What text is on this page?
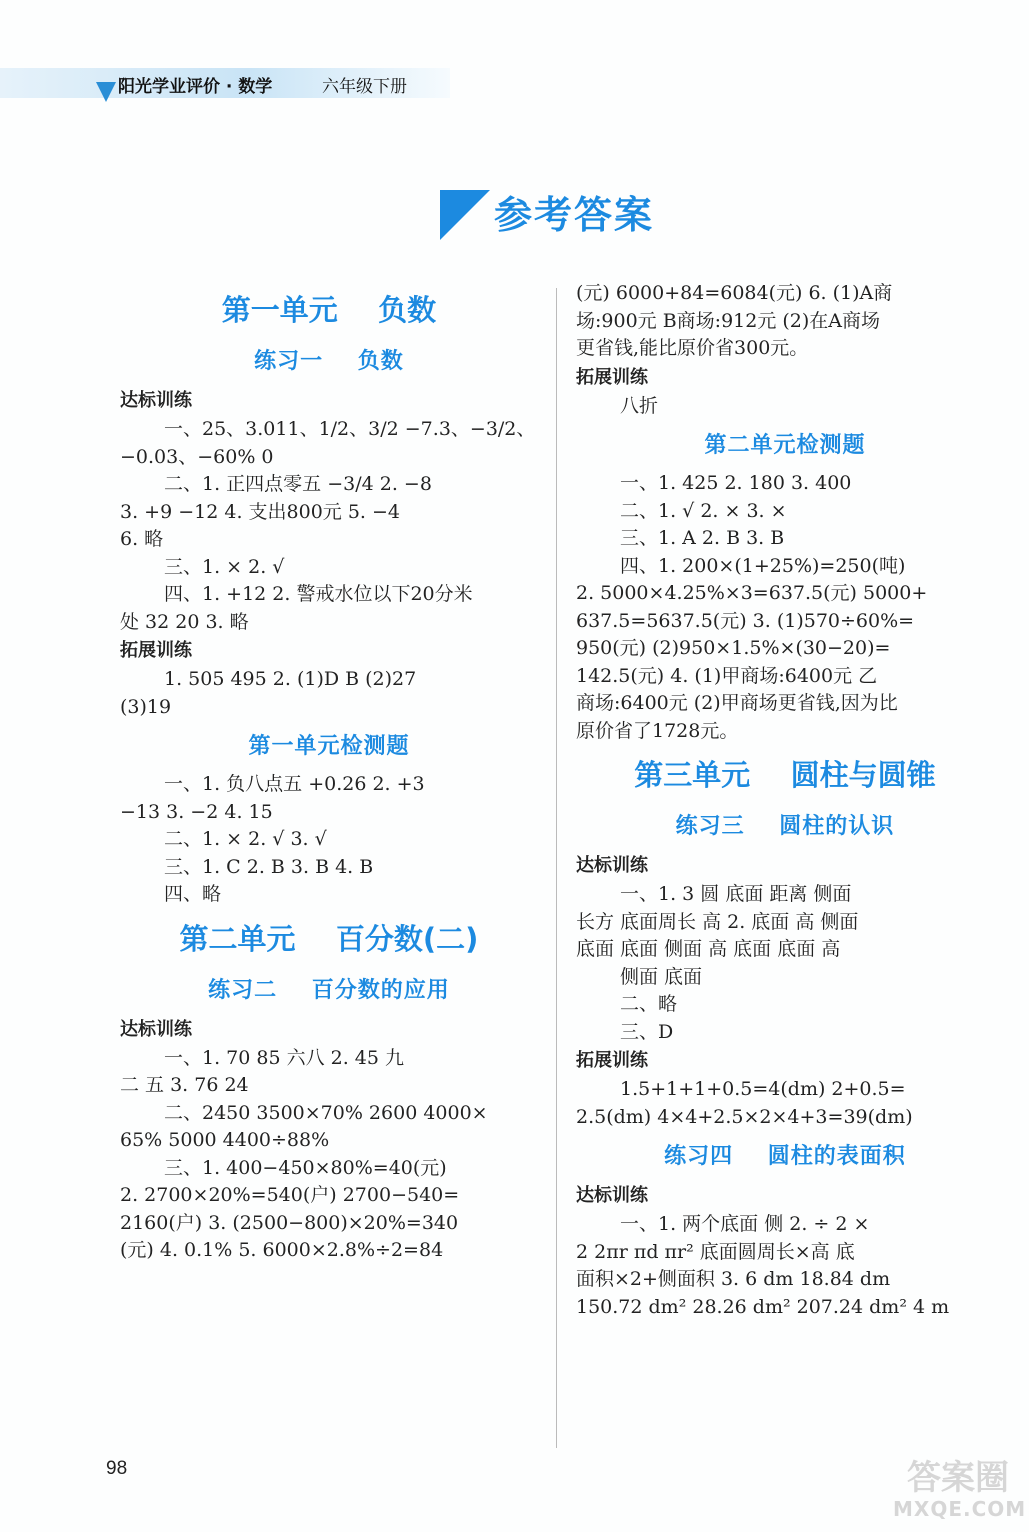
阳光学业评价 · 数学	六年级下册
参考答案

第一单元    负数

练习一    负数

达标训练

一、25、3.011、1/2、3/2 −7.3、−3/2、

−0.03、−60% 0

二、1. 正四点零五 −3/4 2. −8

3. +9 −12 4. 支出800元 5. −4

6. 略

三、1. × 2. √

四、1. +12 2. 警戒水位以下20分米

处 32 20 3. 略

拓展训练

1. 505 495 2. (1)D B (2)27

(3)19

第一单元检测题

一、1. 负八点五 +0.26 2. +3

−13 3. −2 4. 15

二、1. × 2. √ 3. √

三、1. C 2. B 3. B 4. B

四、略

第二单元    百分数(二)

练习二    百分数的应用

达标训练

一、1. 70 85 六八 2. 45 九

二 五 3. 76 24

二、2450 3500×70% 2600 4000×

65% 5000 4400÷88%

三、1. 400−450×80%=40(元)

2. 2700×20%=540(户) 2700−540=

2160(户) 3. (2500−800)×20%=340

(元) 4. 0.1% 5. 6000×2.8%÷2=84

(元) 6000+84=6084(元) 6. (1)A商

场:900元 B商场:912元 (2)在A商场

更省钱,能比原价省300元。

拓展训练

八折

第二单元检测题

一、1. 425 2. 180 3. 400

二、1. √ 2. × 3. ×

三、1. A 2. B 3. B

四、1. 200×(1+25%)=250(吨)

2. 5000×4.25%×3=637.5(元) 5000+

637.5=5637.5(元) 3. (1)570÷60%=

950(元) (2)950×1.5%×(30−20)=

142.5(元) 4. (1)甲商场:6400元 乙

商场:6400元 (2)甲商场更省钱,因为比

原价省了1728元。

第三单元    圆柱与圆锥

练习三    圆柱的认识

达标训练

一、1. 3 圆 底面 距离 侧面

长方 底面周长 高 2. 底面 高 侧面

底面 底面 侧面 高 底面 底面 高

侧面 底面

二、略

三、D

拓展训练

1.5+1+1+0.5=4(dm) 2+0.5=

2.5(dm) 4×4+2.5×2×4+3=39(dm)

练习四    圆柱的表面积

达标训练

一、1. 两个底面 侧 2. ÷ 2 ×

2 2πr πd πr² 底面圆周长×高 底

面积×2+侧面积 3. 6 dm 18.84 dm

150.72 dm² 28.26 dm² 207.24 dm² 4 m

98	答案圈
MXQE.COM
